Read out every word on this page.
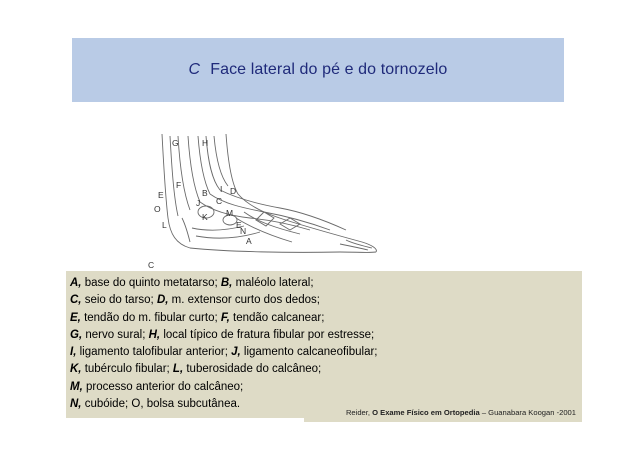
C Face lateral do pé e do tornozelo
G	H
F
E	B I D
J C
O
K M
L	E
N
A
C
A, base do quinto metatarso; B, maléolo lateral;
C, seio do tarso; D, m. extensor curto dos dedos;
E, tendão do m. fibular curto; F, tendão calcanear;
G, nervo sural; H, local típico de fratura fibular por estresse;
I, ligamento talofibular anterior; J, ligamento calcaneofibular;
K, tubérculo fibular; L, tuberosidade do calcâneo;
M, processo anterior do calcâneo;
N, cubóide; O, bolsa subcutânea.
Reider, O Exame Físico em Ortopedia – Guanabara Koogan -2001
